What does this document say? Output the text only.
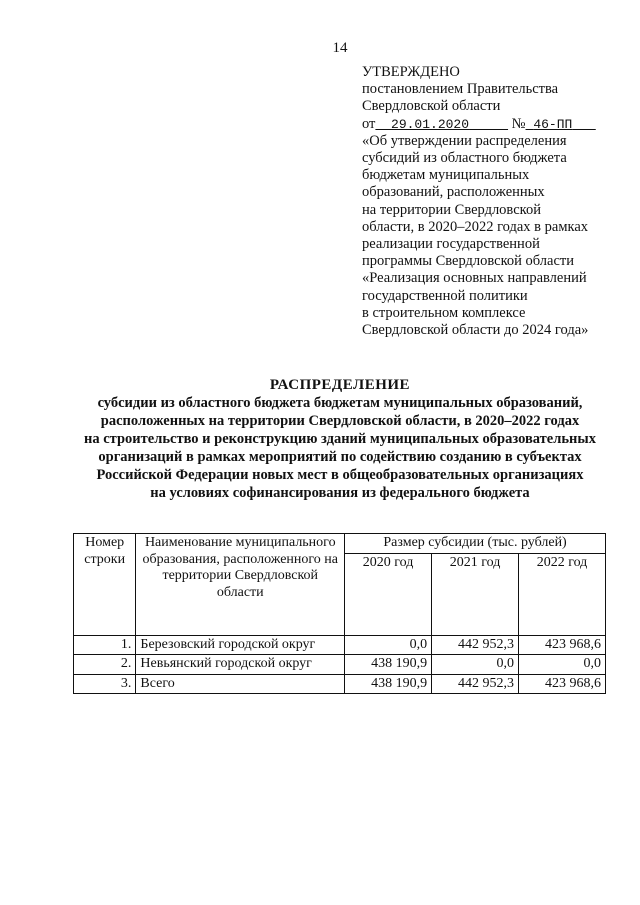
14
УТВЕРЖДЕНО
постановлением Правительства
Свердловской области
от 29.01.2020	№ 46-ПП
«Об утверждении распределения
субсидий из областного бюджета
бюджетам муниципальных
образований, расположенных
на территории Свердловской
области, в 2020–2022 годах в рамках
реализации государственной
программы Свердловской области
«Реализация основных направлений
государственной политики
в строительном комплексе
Свердловской области до 2024 года»
РАСПРЕДЕЛЕНИЕ
субсидии из областного бюджета бюджетам муниципальных образований,
расположенных на территории Свердловской области, в 2020–2022 годах
на строительство и реконструкцию зданий муниципальных образовательных
организаций в рамках мероприятий по содействию созданию в субъектах
Российской Федерации новых мест в общеобразовательных организациях
на условиях софинансирования из федерального бюджета
Номер строки	Наименование муниципального образования, расположенного на территории Свердловской области	Размер субсидии (тыс. рублей)		
		2020 год	2021 год	2022 год
1.	Березовский городской округ	0,0	442 952,3	423 968,6
2.	Невьянский городской округ	438 190,9	0,0	0,0
3.	Всего	438 190,9	442 952,3	423 968,6
